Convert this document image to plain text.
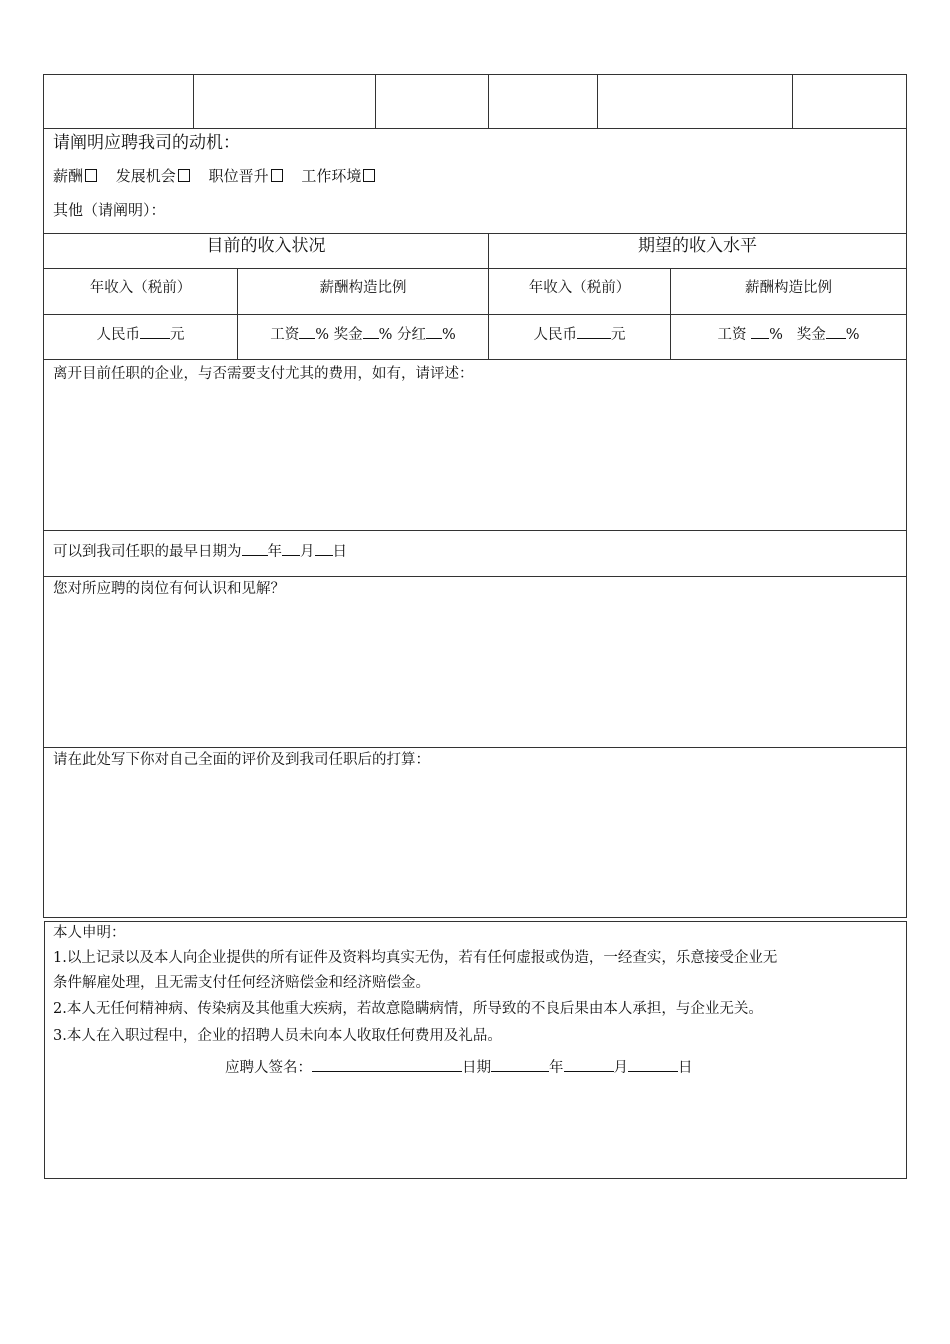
请阐明应聘我司的动机：
薪酬 发展机会 职位晋升 工作环境
其他（请阐明）：
目前的收入状况	期望的收入水平
年收入（税前）	薪酬构造比例	年收入（税前）	薪酬构造比例
人民币 元	工资 % 奖金 % 分红 %	人民币 元	工资 % 奖金 %
离开目前任职的企业，与否需要支付尤其的费用，如有，请评述：
可以到我司任职的最早日期为 年 月 日
您对所应聘的岗位有何认识和见解？
请在此处写下你对自己全面的评价及到我司任职后的打算：
本人申明：
1.以上记录以及本人向企业提供的所有证件及资料均真实无伪，若有任何虚报或伪造，一经查实，乐意接受企业无
条件解雇处理，且无需支付任何经济赔偿金和经济赔偿金。
2.本人无任何精神病、传染病及其他重大疾病，若故意隐瞒病情，所导致的不良后果由本人承担，与企业无关。
3.本人在入职过程中，企业的招聘人员未向本人收取任何费用及礼品。
应聘人签名：	日期	年	月	日
